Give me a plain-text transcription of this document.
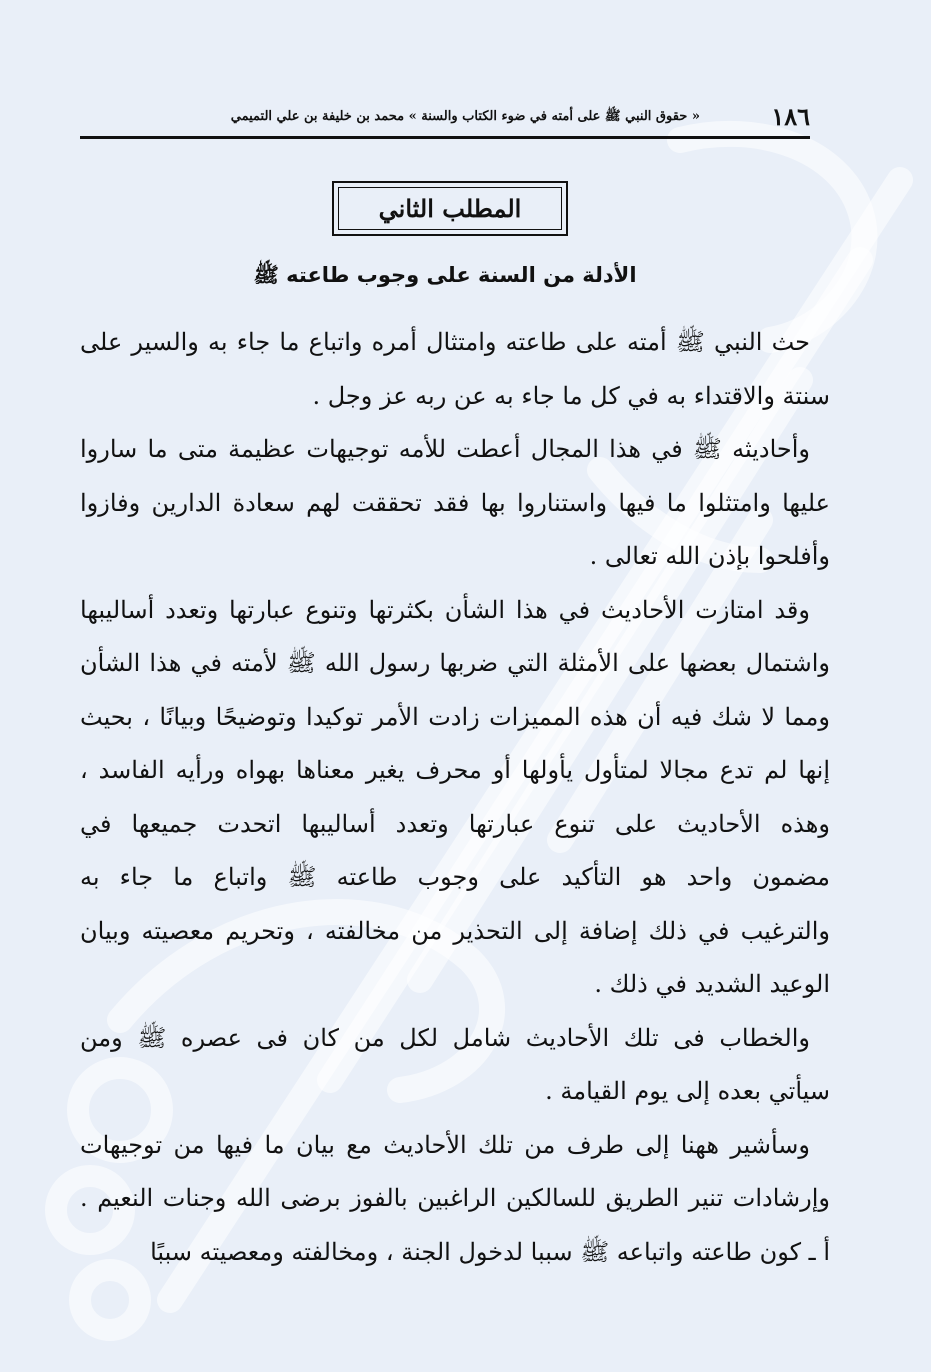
١٨٦
« حقوق النبي ﷺ على أمته في ضوء الكتاب والسنة » محمد بن خليفة بن علي التميمي
المطلب الثاني
الأدلة من السنة على وجوب طاعته ﷺ
حث النبي ﷺ أمته على طاعته وامتثال أمره واتباع ما جاء به والسير على
سنتة والاقتداء به في كل ما جاء به عن ربه عز وجل .
وأحاديثه ﷺ في هذا المجال أعطت للأمه توجيهات عظيمة متى ما ساروا
عليها وامتثلوا ما فيها واستناروا بها فقد تحققت لهم سعادة الدارين وفازوا
وأفلحوا بإذن الله تعالى .
وقد امتازت الأحاديث في هذا الشأن بكثرتها وتنوع عبارتها وتعدد أساليبها
واشتمال بعضها على الأمثلة التي ضربها رسول الله ﷺ لأمته في هذا الشأن
ومما لا شك فيه أن هذه المميزات زادت الأمر توكيدا وتوضيحًا وبيانًا ، بحيث
إنها لم تدع مجالا لمتأول يأولها أو محرف يغير معناها بهواه ورأيه الفاسد ،
وهذه الأحاديث على تنوع عبارتها وتعدد أساليبها اتحدت جميعها في
مضمون واحد هو التأكيد على وجوب طاعته ﷺ واتباع ما جاء به
والترغيب في ذلك إضافة إلى التحذير من مخالفته ، وتحريم معصيته وبيان
الوعيد الشديد في ذلك .
والخطاب فى تلك الأحاديث شامل لكل من كان فى عصره ﷺ ومن
سيأتي بعده إلى يوم القيامة .
وسأشير ههنا إلى طرف من تلك الأحاديث مع بيان ما فيها من توجيهات
وإرشادات تنير الطريق للسالكين الراغبين بالفوز برضى الله وجنات النعيم .
أ ـ كون طاعته واتباعه ﷺ سببا لدخول الجنة ، ومخالفته ومعصيته سببًا
